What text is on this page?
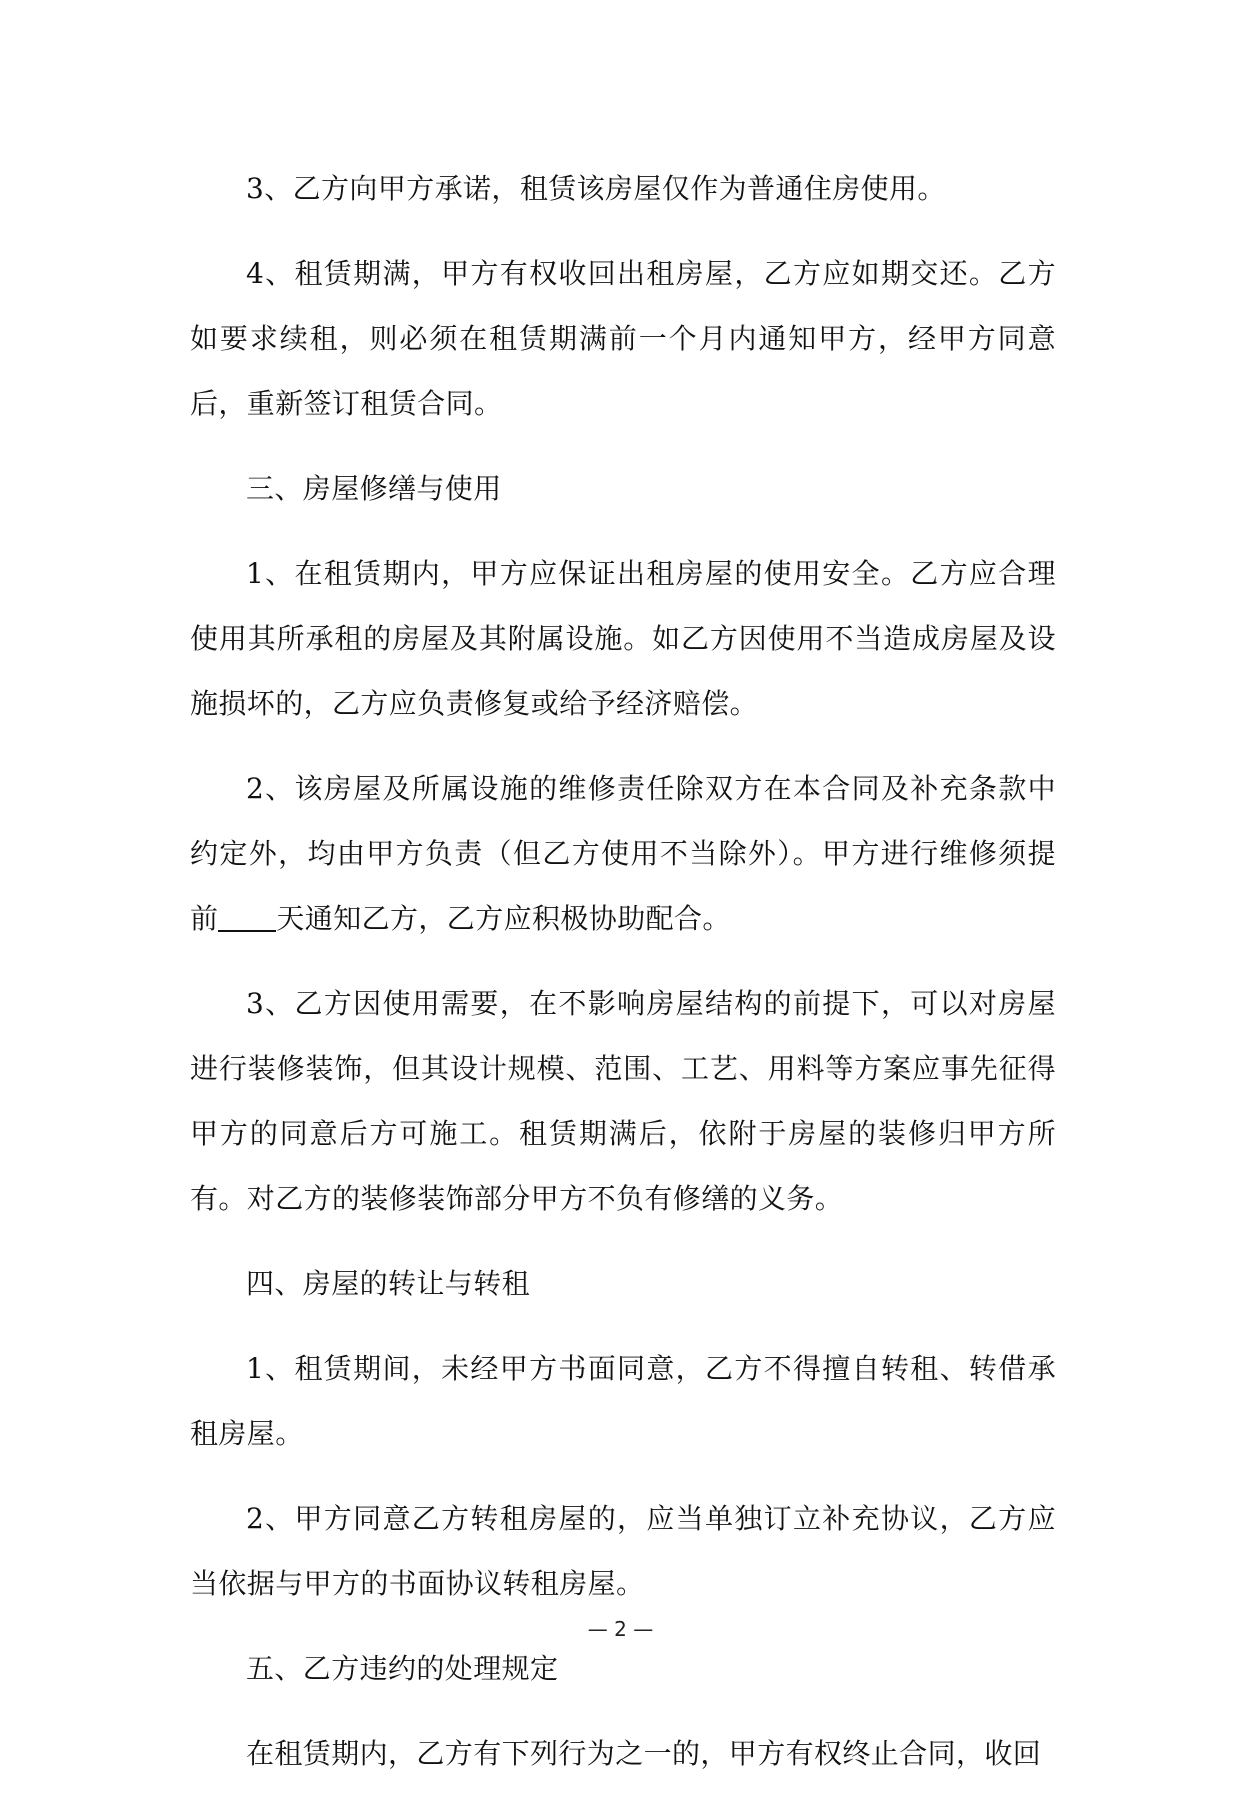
3、乙方向甲方承诺，租赁该房屋仅作为普通住房使用。

4、租赁期满，甲方有权收回出租房屋，乙方应如期交还。乙方如要求续租，则必须在租赁期满前一个月内通知甲方，经甲方同意后，重新签订租赁合同。

三、房屋修缮与使用

1、在租赁期内，甲方应保证出租房屋的使用安全。乙方应合理使用其所承租的房屋及其附属设施。如乙方因使用不当造成房屋及设施损坏的，乙方应负责修复或给予经济赔偿。

2、该房屋及所属设施的维修责任除双方在本合同及补充条款中约定外，均由甲方负责（但乙方使用不当除外）。甲方进行维修须提前 天通知乙方，乙方应积极协助配合。

3、乙方因使用需要，在不影响房屋结构的前提下，可以对房屋进行装修装饰，但其设计规模、范围、工艺、用料等方案应事先征得甲方的同意后方可施工。租赁期满后，依附于房屋的装修归甲方所有。对乙方的装修装饰部分甲方不负有修缮的义务。

四、房屋的转让与转租

1、租赁期间，未经甲方书面同意，乙方不得擅自转租、转借承租房屋。

2、甲方同意乙方转租房屋的，应当单独订立补充协议，乙方应当依据与甲方的书面协议转租房屋。

五、乙方违约的处理规定

在租赁期内，乙方有下列行为之一的，甲方有权终止合同，收回

— 2 —
